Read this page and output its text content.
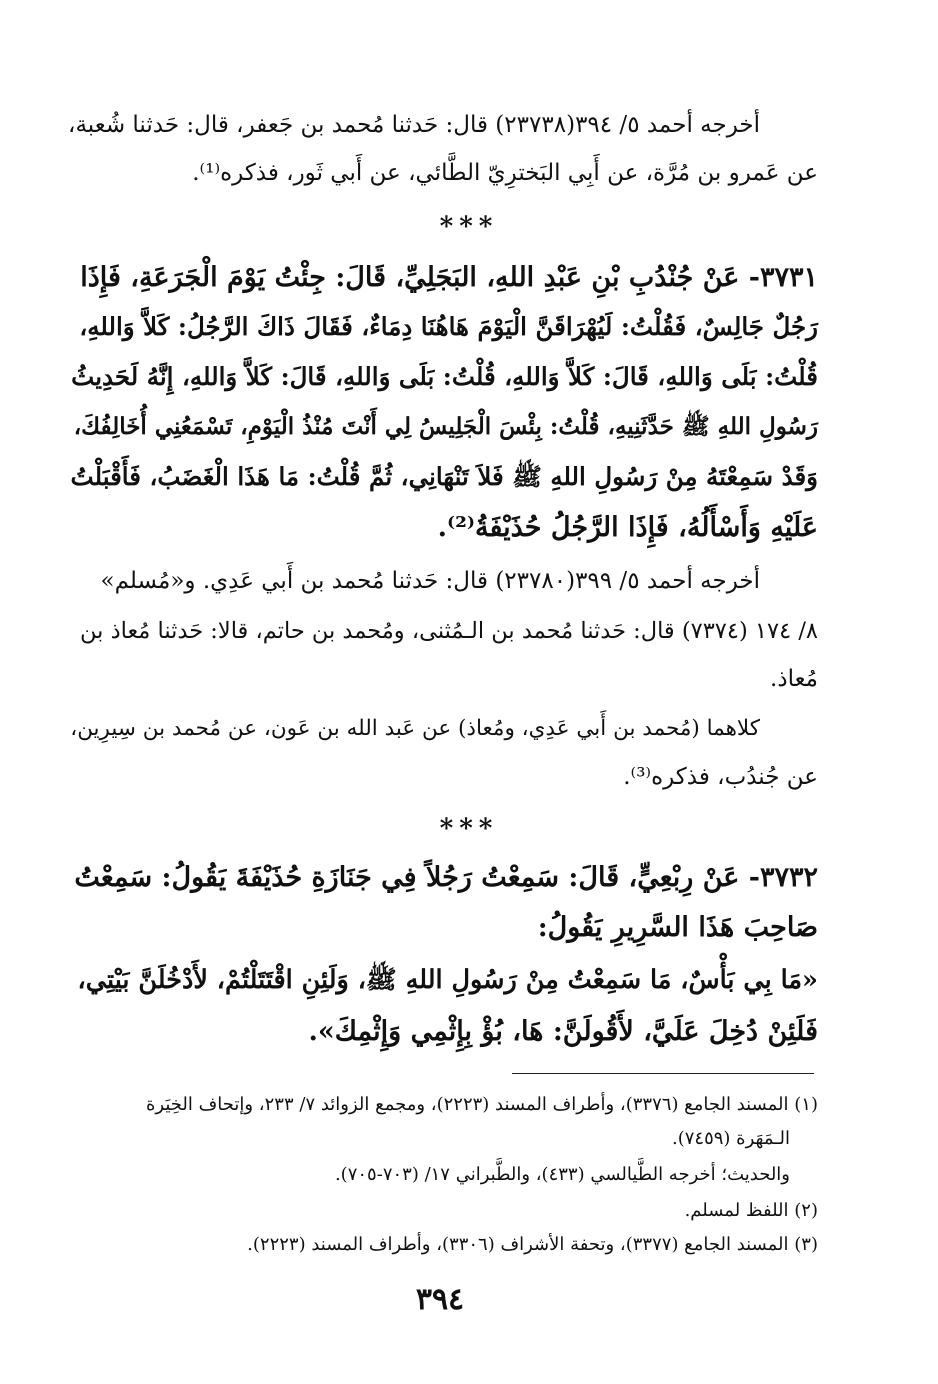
أخرجه أحمد ٥/ ٣٩٤(٢٣٧٣٨) قال: حَدثنا مُحمد بن جَعفر، قال: حَدثنا شُعبة،
عن عَمرو بن مُرَّة، عن أَبِي البَخترِيّ الطَّائي، عن أَبي ثَور، فذكره⁽¹⁾.
***
٣٧٣١- عَنْ جُنْدُبِ بْنِ عَبْدِ اللهِ، البَجَلِيِّ، قَالَ: جِئْتُ يَوْمَ الْجَرَعَةِ، فَإِذَا
رَجُلٌ جَالِسٌ، فَقُلْتُ: لَيُهْرَاقَنَّ الْيَوْمَ هَاهُنَا دِمَاءٌ، فَقَالَ ذَاكَ الرَّجُلُ: كَلاَّ وَاللهِ،
قُلْتُ: بَلَى وَاللهِ، قَالَ: كَلاَّ وَاللهِ، قُلْتُ: بَلَى وَاللهِ، قَالَ: كَلاَّ وَاللهِ، إِنَّهُ لَحَدِيثُ
رَسُولِ اللهِ ﷺ حَدَّثَنِيهِ، قُلْتُ: بِئْسَ الْجَلِيسُ لِي أَنْتَ مُنْذُ الْيَوْمِ، تَسْمَعُنِي أُخَالِفُكَ،
وَقَدْ سَمِعْتَهُ مِنْ رَسُولِ اللهِ ﷺ فَلاَ تَنْهَانِي، ثُمَّ قُلْتُ: مَا هَذَا الْغَضَبُ، فَأَقْبَلْتُ
عَلَيْهِ وَأَسْأَلُهُ، فَإِذَا الرَّجُلُ حُذَيْفَةُ⁽²⁾.
أخرجه أحمد ٥/ ٣٩٩(٢٣٧٨٠) قال: حَدثنا مُحمد بن أَبي عَدِي. و«مُسلم»
٨/ ١٧٤ (٧٣٧٤) قال: حَدثنا مُحمد بن الـمُثنى، ومُحمد بن حاتم، قالا: حَدثنا مُعاذ بن
مُعاذ.
كلاهما (مُحمد بن أَبي عَدِي، ومُعاذ) عن عَبد الله بن عَون، عن مُحمد بن سِيرِين،
عن جُندُب، فذكره⁽³⁾.
***
٣٧٣٢- عَنْ رِبْعِيٍّ، قَالَ: سَمِعْتُ رَجُلاً فِي جَنَازَةِ حُذَيْفَةَ يَقُولُ: سَمِعْتُ
صَاحِبَ هَذَا السَّرِيرِ يَقُولُ:
«مَا بِي بَأْسٌ، مَا سَمِعْتُ مِنْ رَسُولِ اللهِ ﷺ، وَلَئِنِ اقْتَتَلْتُمْ، لأَدْخُلَنَّ بَيْتِي،
فَلَئِنْ دُخِلَ عَلَيَّ، لأَقُولَنَّ: هَا، بُؤْ بِإِثْمِي وَإِثْمِكَ».
(١) المسند الجامع (٣٣٧٦)، وأطراف المسند (٢٢٢٣)، ومجمع الزوائد ٧/ ٢٣٣، وإتحاف الخِيَرة
الـمَهَرة (٧٤٥٩).
والحديث؛ أخرجه الطَّيالسي (٤٣٣)، والطَّبراني ١٧/ (٧٠٣-٧٠٥).
(٢) اللفظ لمسلم.
(٣) المسند الجامع (٣٣٧٧)، وتحفة الأشراف (٣٣٠٦)، وأطراف المسند (٢٢٢٣).
٣٩٤
